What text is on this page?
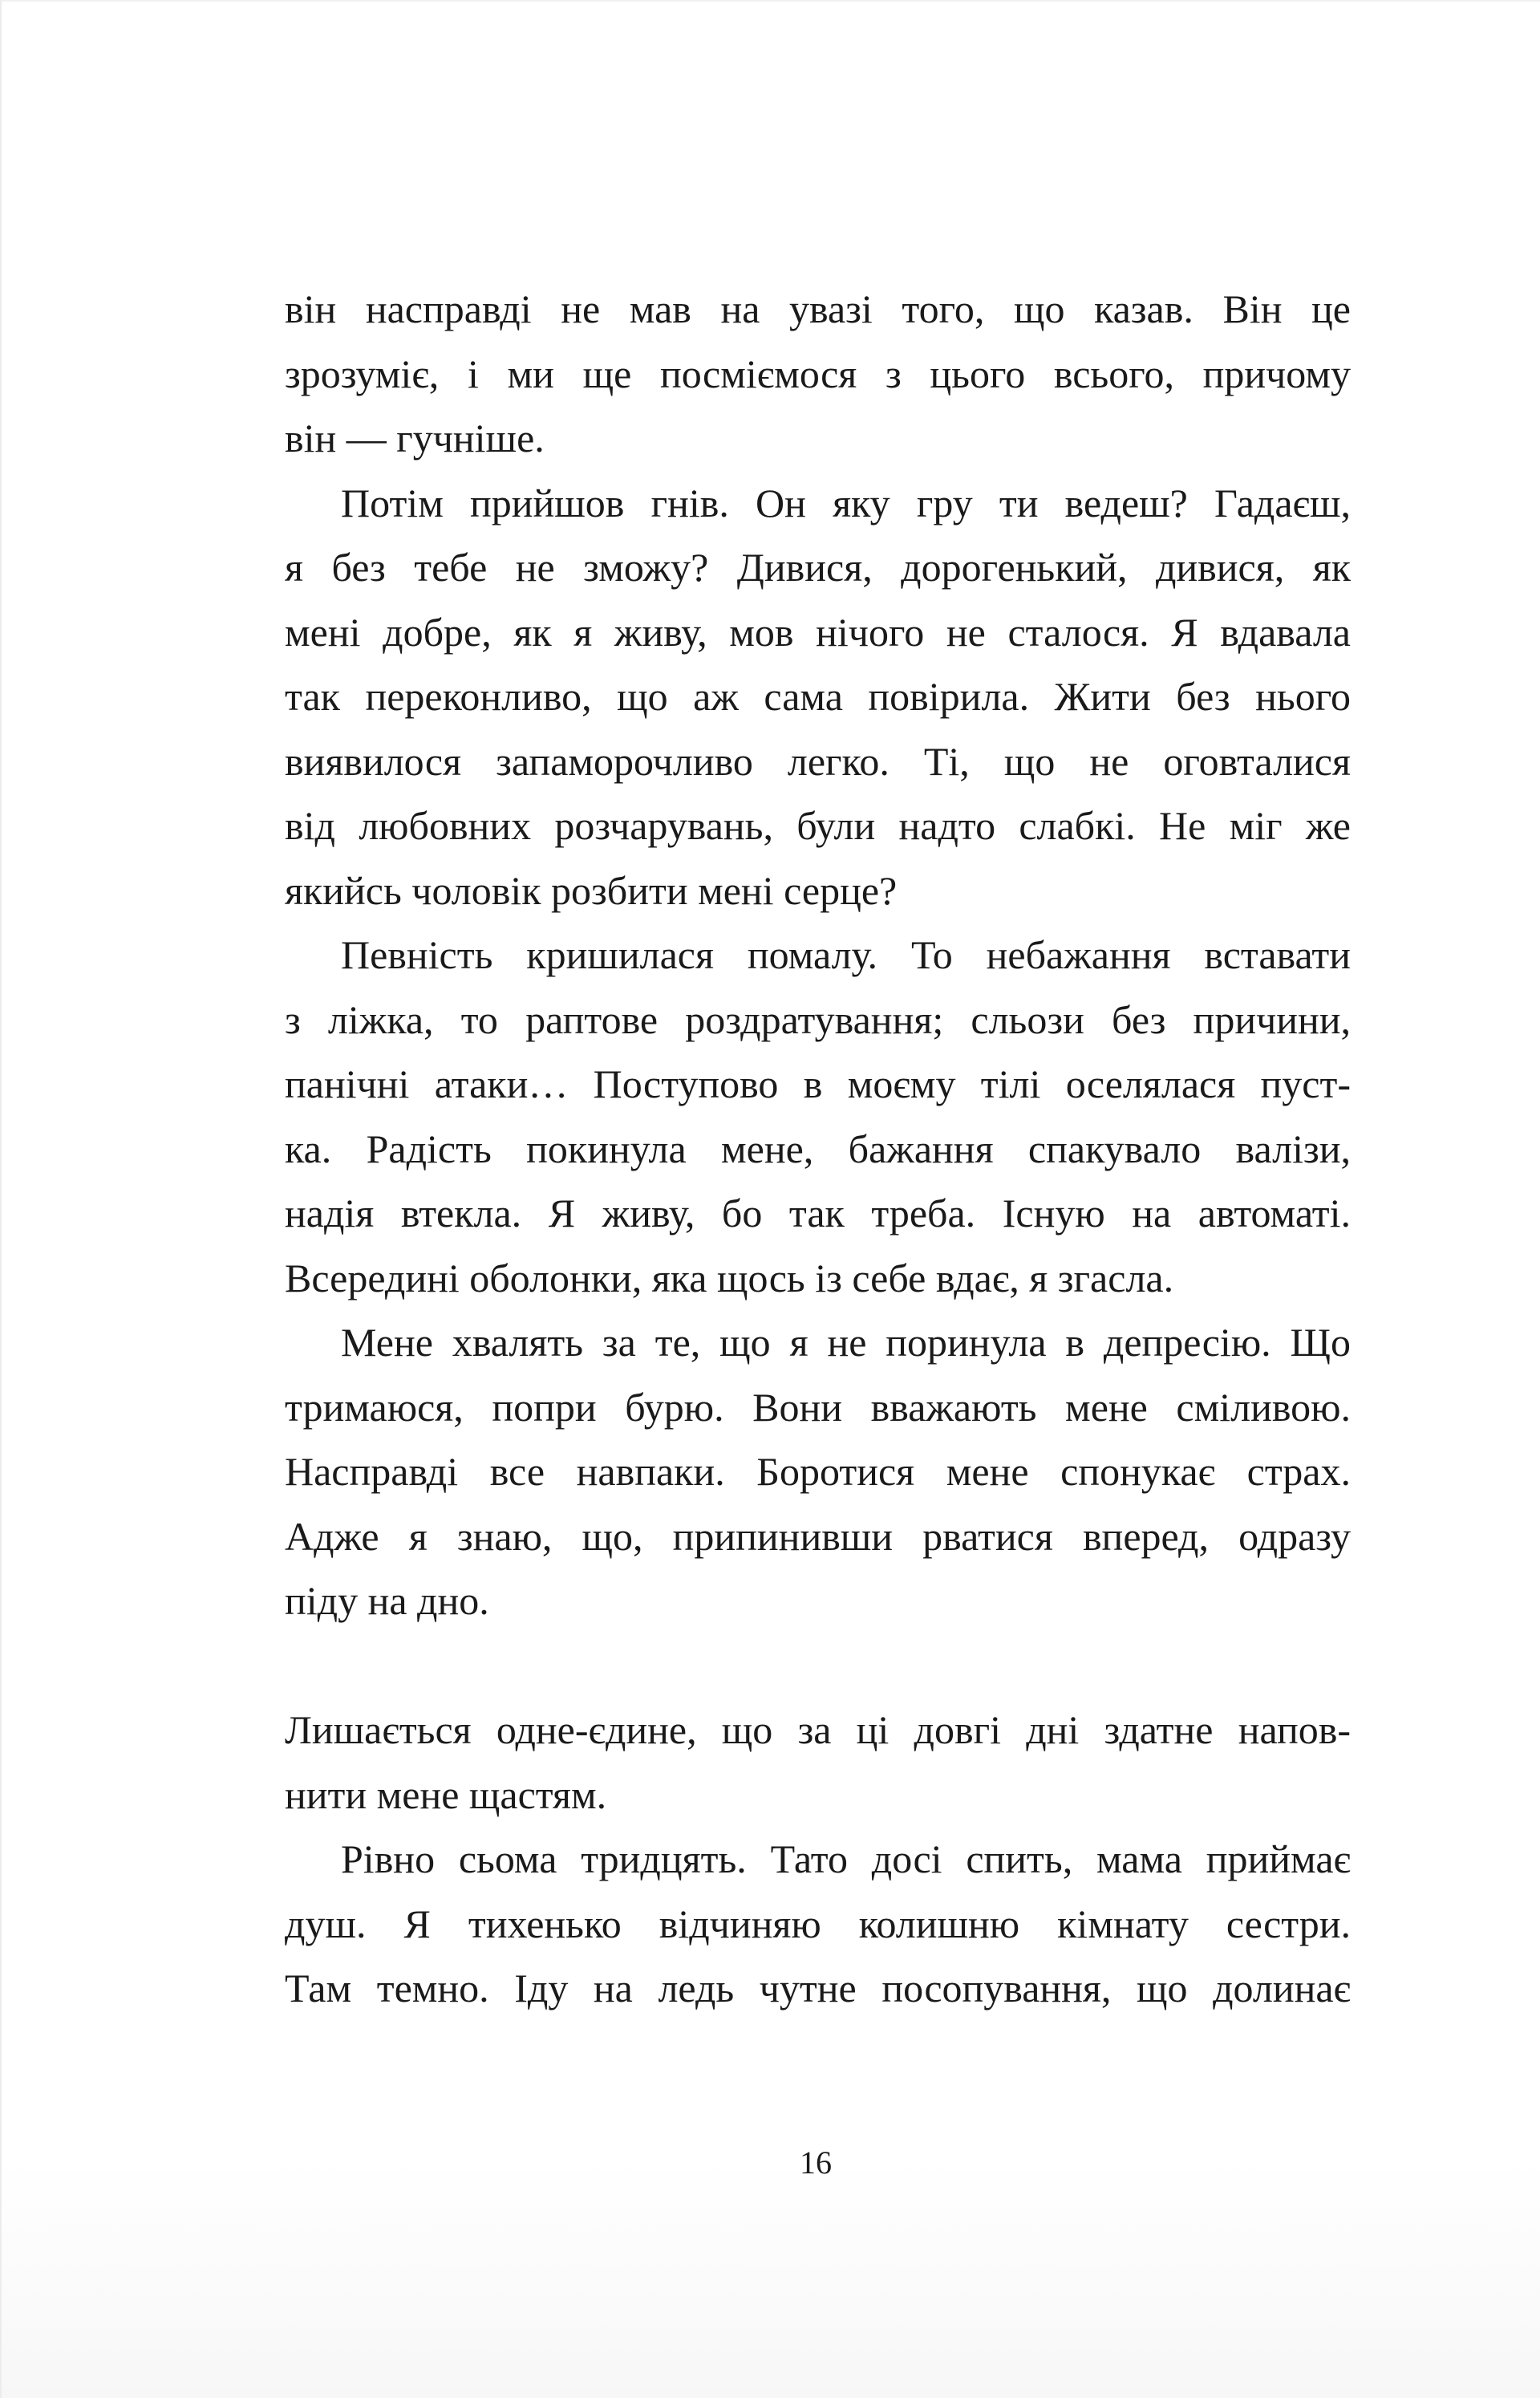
він насправді не мав на увазі того, що казав. Він це
зрозуміє, і ми ще посміємося з цього всього, причому
він — гучніше.
Потім прийшов гнів. Он яку гру ти ведеш? Гадаєш,
я без тебе не зможу? Дивися, дорогенький, дивися, як
мені добре, як я живу, мов нічого не сталося. Я вдавала
так переконливо, що аж сама повірила. Жити без нього
виявилося запаморочливо легко. Ті, що не оговталися
від любовних розчарувань, були надто слабкі. Не міг же
якийсь чоловік розбити мені серце?
Певність кришилася помалу. То небажання вставати
з ліжка, то раптове роздратування; сльози без причини,
панічні атаки… Поступово в моєму тілі оселялася пуст-
ка. Радість покинула мене, бажання спакувало валізи,
надія втекла. Я живу, бо так треба. Існую на автоматі.
Всередині оболонки, яка щось із себе вдає, я згасла.
Мене хвалять за те, що я не поринула в депресію. Що
тримаюся, попри бурю. Вони вважають мене сміливою.
Насправді все навпаки. Боротися мене спонукає страх.
Адже я знаю, що, припинивши рватися вперед, одразу
піду на дно.
Лишається одне-єдине, що за ці довгі дні здатне напов-
нити мене щастям.
Рівно сьома тридцять. Тато досі спить, мама приймає
душ. Я тихенько відчиняю колишню кімнату сестри.
Там темно. Іду на ледь чутне посопування, що долинає
16
